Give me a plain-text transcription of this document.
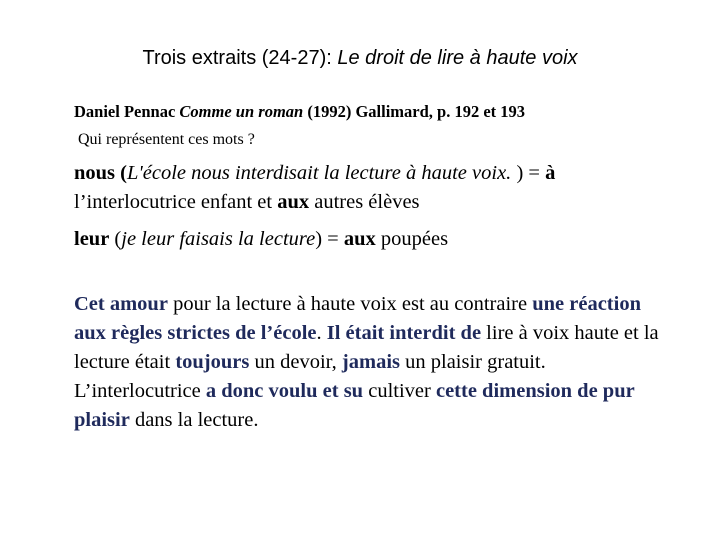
Trois extraits (24-27): Le droit de lire à haute voix
Daniel Pennac Comme un roman (1992) Gallimard, p. 192 et 193
Qui représentent ces mots ?
nous (L'école nous interdisait la lecture à haute voix. ) = à
l’interlocutrice enfant et aux autres élèves
leur (je leur faisais la lecture) = aux poupées
Cet amour pour la lecture à haute voix est au contraire une réaction aux règles strictes de l’école. Il était interdit de lire à voix haute et la lecture était toujours un devoir, jamais un plaisir gratuit. L’interlocutrice a donc voulu et su cultiver cette dimension de pur plaisir dans la lecture.
